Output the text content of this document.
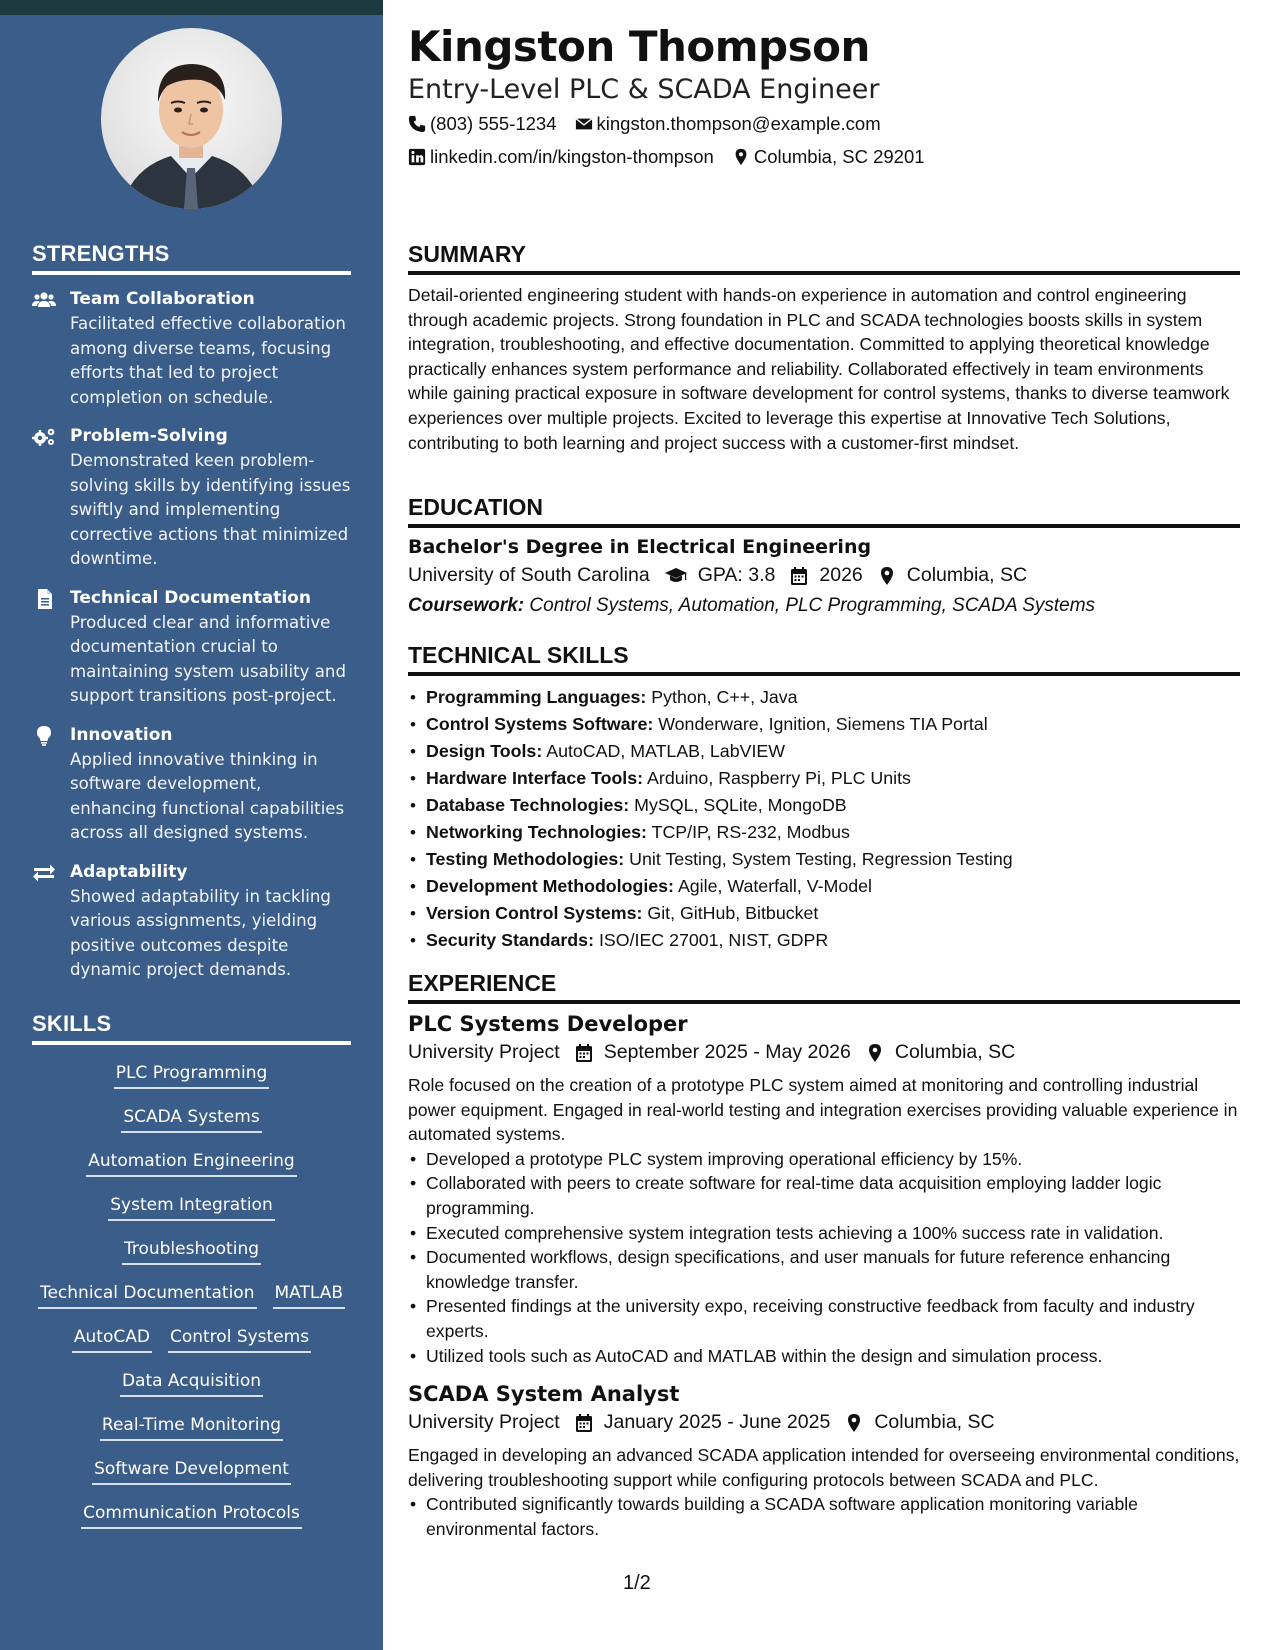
STRENGTHS
Team Collaboration
Facilitated effective collaboration among diverse teams, focusing efforts that led to project completion on schedule.
Problem-Solving
Demonstrated keen problem-solving skills by identifying issues swiftly and implementing corrective actions that minimized downtime.
Technical Documentation
Produced clear and informative documentation crucial to maintaining system usability and support transitions post-project.
Innovation
Applied innovative thinking in software development, enhancing functional capabilities across all designed systems.
Adaptability
Showed adaptability in tackling various assignments, yielding positive outcomes despite dynamic project demands.
SKILLS
PLC Programming
SCADA Systems
Automation Engineering
System Integration
Troubleshooting
Technical Documentation MATLAB
AutoCAD Control Systems
Data Acquisition
Real-Time Monitoring
Software Development
Communication Protocols
Kingston Thompson
Entry-Level PLC & SCADA Engineer
(803) 555-1234 kingston.thompson@example.com
linkedin.com/in/kingston-thompson Columbia, SC 29201
SUMMARY
Detail-oriented engineering student with hands-on experience in automation and control engineering through academic projects. Strong foundation in PLC and SCADA technologies boosts skills in system integration, troubleshooting, and effective documentation. Committed to applying theoretical knowledge practically enhances system performance and reliability. Collaborated effectively in team environments while gaining practical exposure in software development for control systems, thanks to diverse teamwork experiences over multiple projects. Excited to leverage this expertise at Innovative Tech Solutions, contributing to both learning and project success with a customer-first mindset.
EDUCATION
Bachelor's Degree in Electrical Engineering
University of South Carolina GPA: 3.8 2026 Columbia, SC
Coursework: Control Systems, Automation, PLC Programming, SCADA Systems
TECHNICAL SKILLS
• Programming Languages: Python, C++, Java
• Control Systems Software: Wonderware, Ignition, Siemens TIA Portal
• Design Tools: AutoCAD, MATLAB, LabVIEW
• Hardware Interface Tools: Arduino, Raspberry Pi, PLC Units
• Database Technologies: MySQL, SQLite, MongoDB
• Networking Technologies: TCP/IP, RS-232, Modbus
• Testing Methodologies: Unit Testing, System Testing, Regression Testing
• Development Methodologies: Agile, Waterfall, V-Model
• Version Control Systems: Git, GitHub, Bitbucket
• Security Standards: ISO/IEC 27001, NIST, GDPR
EXPERIENCE
PLC Systems Developer
University Project September 2025 - May 2026 Columbia, SC
Role focused on the creation of a prototype PLC system aimed at monitoring and controlling industrial power equipment. Engaged in real-world testing and integration exercises providing valuable experience in automated systems.
• Developed a prototype PLC system improving operational efficiency by 15%.
• Collaborated with peers to create software for real-time data acquisition employing ladder logic programming.
• Executed comprehensive system integration tests achieving a 100% success rate in validation.
• Documented workflows, design specifications, and user manuals for future reference enhancing knowledge transfer.
• Presented findings at the university expo, receiving constructive feedback from faculty and industry experts.
• Utilized tools such as AutoCAD and MATLAB within the design and simulation process.
SCADA System Analyst
University Project January 2025 - June 2025 Columbia, SC
Engaged in developing an advanced SCADA application intended for overseeing environmental conditions, delivering troubleshooting support while configuring protocols between SCADA and PLC.
• Contributed significantly towards building a SCADA software application monitoring variable environmental factors.
1/2
